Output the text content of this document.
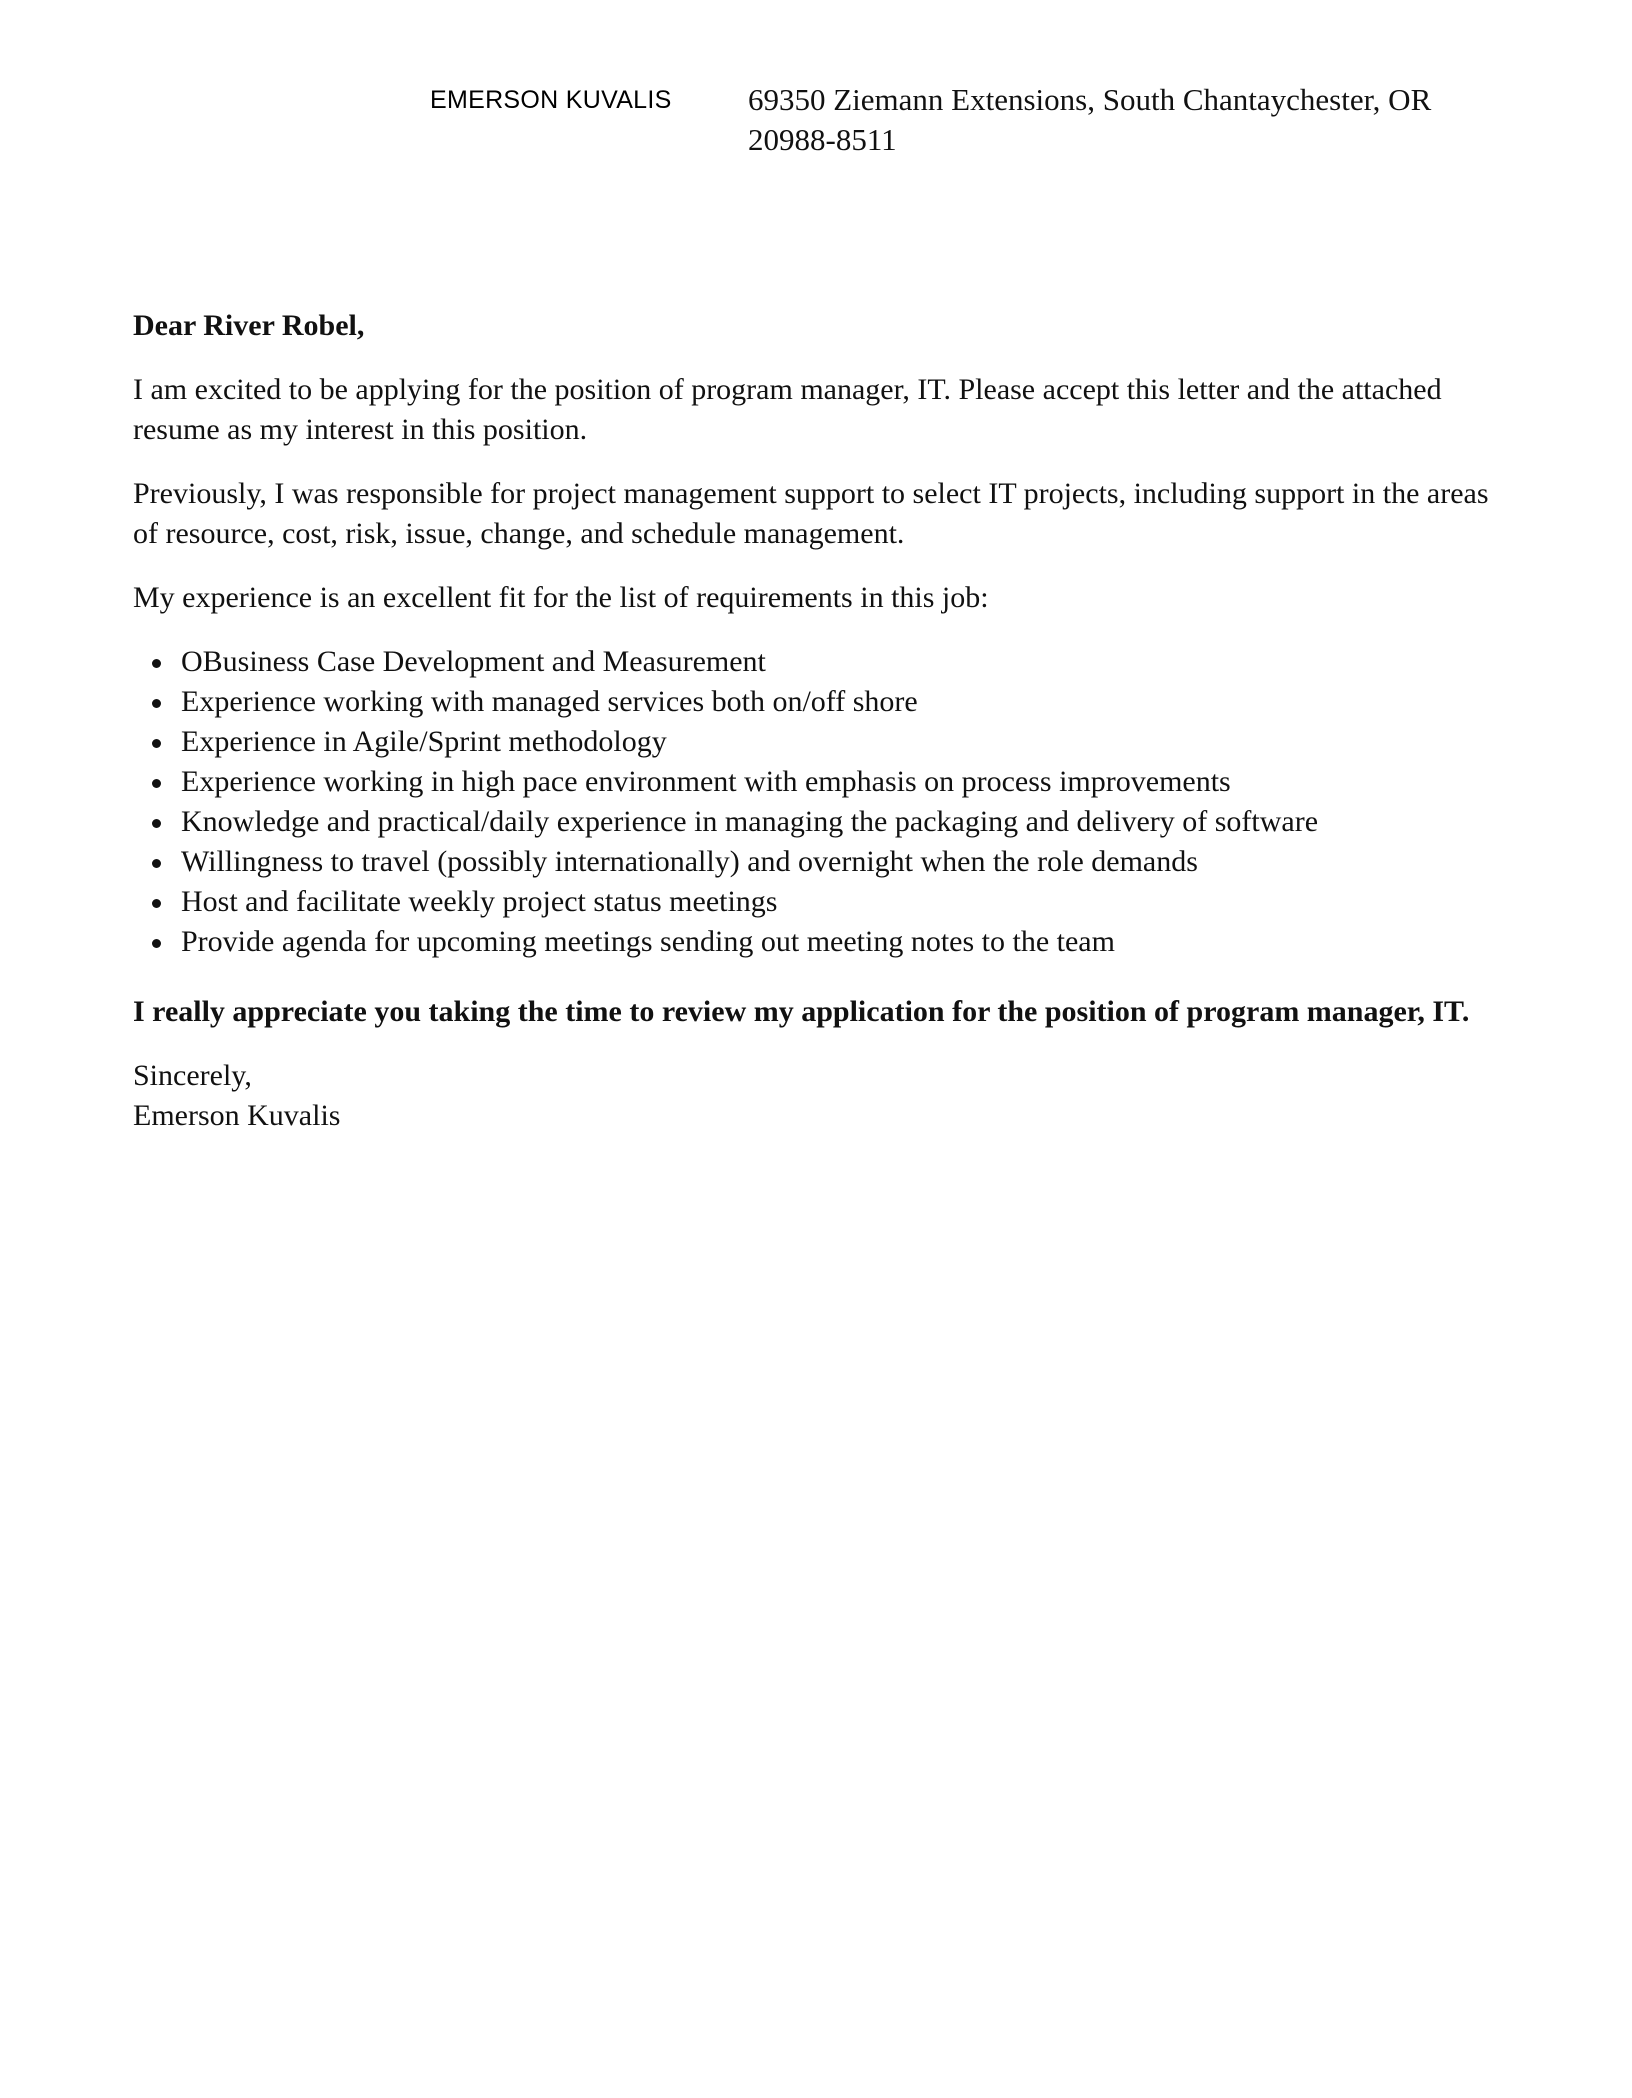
EMERSON KUVALIS 69350 Ziemann Extensions, South Chantaychester, OR
20988-8511

Dear River Robel,

I am excited to be applying for the position of program manager, IT. Please accept this letter and the attached resume as my interest in this position.

Previously, I was responsible for project management support to select IT projects, including support in the areas of resource, cost, risk, issue, change, and schedule management.

My experience is an excellent fit for the list of requirements in this job:

OBusiness Case Development and Measurement
Experience working with managed services both on/off shore
Experience in Agile/Sprint methodology
Experience working in high pace environment with emphasis on process improvements
Knowledge and practical/daily experience in managing the packaging and delivery of software
Willingness to travel (possibly internationally) and overnight when the role demands
Host and facilitate weekly project status meetings
Provide agenda for upcoming meetings sending out meeting notes to the team

I really appreciate you taking the time to review my application for the position of program manager, IT.

Sincerely,
Emerson Kuvalis
